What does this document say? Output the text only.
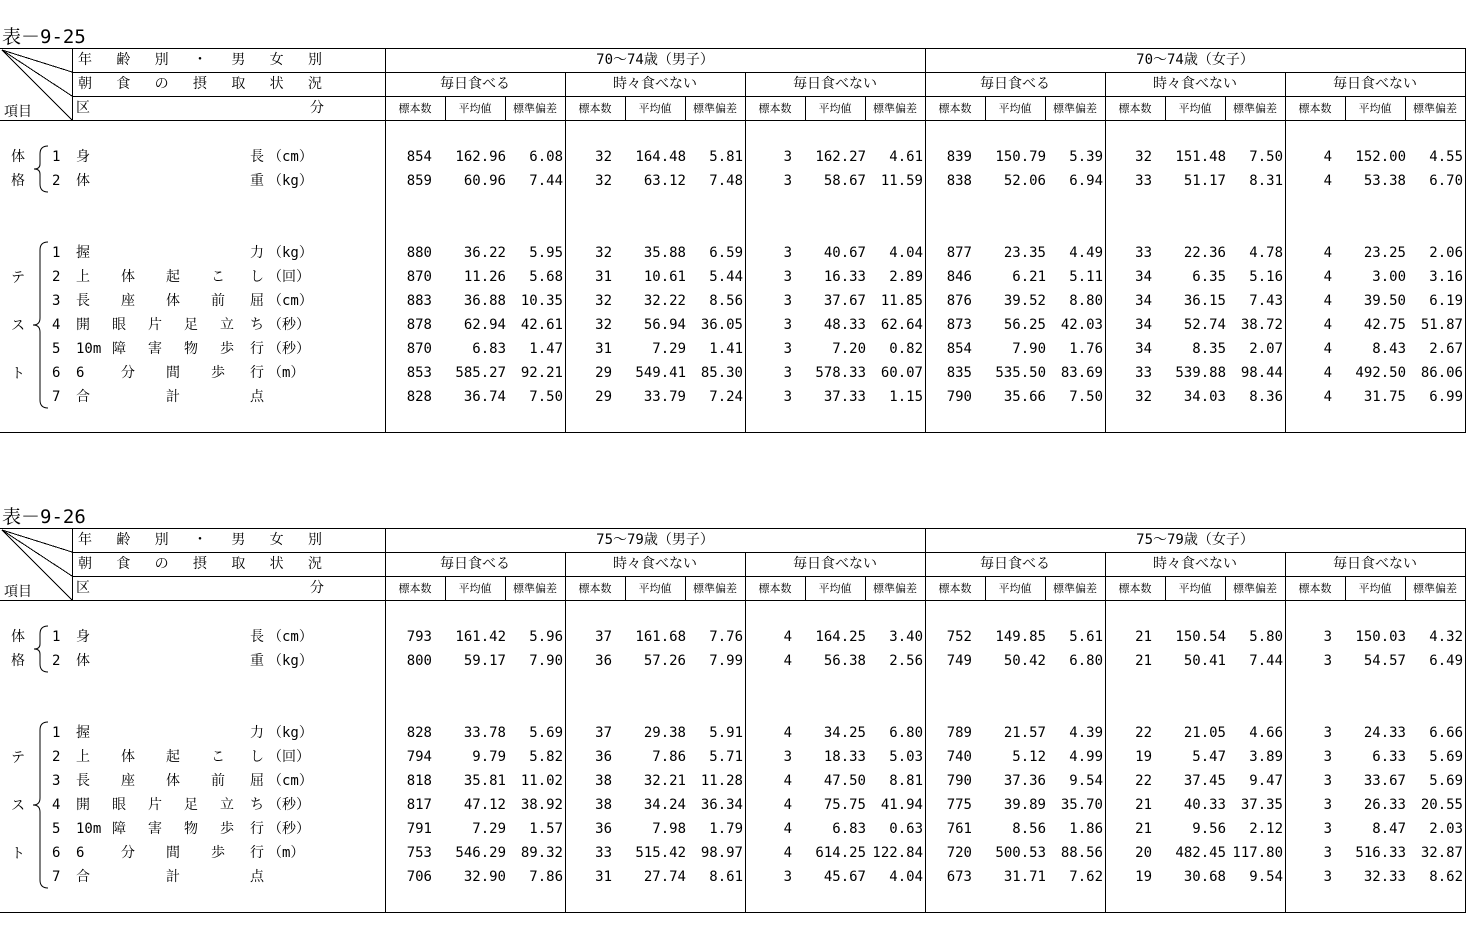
表－9-25
年 齢 別 ・ 男 女 別
朝 食 の 摂 取 状 況
区	分
項目
70～74歳（男子）	70～74歳（女子）
毎日食べる
標本数	平均値	標準偏差
時々食べない
標本数	平均値	標準偏差
毎日食べない
標本数	平均値	標準偏差
毎日食べる
標本数	平均値	標準偏差
時々食べない
標本数	平均値	標準偏差
毎日食べない
標本数	平均値	標準偏差
体
格
テ
ス
ト
1 身	長 （cm）	854	162.96	6.08	32	164.48	5.81	3	162.27	4.61	839	150.79	5.39	32	151.48	7.50	4	152.00	4.55
2 体	重 （kg）	859	60.96	7.44	32	63.12	7.48	3	58.67	11.59	838	52.06	6.94	33	51.17	8.31	4	53.38	6.70
1 握	力 （kg）	880	36.22	5.95	32	35.88	6.59	3	40.67	4.04	877	23.35	4.49	33	22.36	4.78	4	23.25	2.06
2 上 体 起 こ し （回）	870	11.26	5.68	31	10.61	5.44	3	16.33	2.89	846	6.21	5.11	34	6.35	5.16	4	3.00	3.16
3 長 座 体 前 屈 （cm）	883	36.88	10.35	32	32.22	8.56	3	37.67	11.85	876	39.52	8.80	34	36.15	7.43	4	39.50	6.19
4 開 眼 片 足 立 ち （秒）	878	62.94	42.61	32	56.94	36.05	3	48.33	62.64	873	56.25	42.03	34	52.74	38.72	4	42.75	51.87
5 10m 障 害 物 歩 行 （秒）	870	6.83	1.47	31	7.29	1.41	3	7.20	0.82	854	7.90	1.76	34	8.35	2.07	4	8.43	2.67
6 6	分 間 歩 行 （m）	853	585.27	92.21	29	549.41	85.30	3	578.33	60.07	835	535.50	83.69	33	539.88	98.44	4	492.50	86.06
7 合	計	点	828	36.74	7.50	29	33.79	7.24	3	37.33	1.15	790	35.66	7.50	32	34.03	8.36	4	31.75	6.99
表－9-26
年 齢 別 ・ 男 女 別
朝 食 の 摂 取 状 況
区	分
項目
75～79歳（男子）	75～79歳（女子）
毎日食べる
標本数	平均値	標準偏差
時々食べない
標本数	平均値	標準偏差
毎日食べない
標本数	平均値	標準偏差
毎日食べる
標本数	平均値	標準偏差
時々食べない
標本数	平均値	標準偏差
毎日食べない
標本数	平均値	標準偏差
体
格
テ
ス
ト
1 身	長 （cm）	793	161.42	5.96	37	161.68	7.76	4	164.25	3.40	752	149.85	5.61	21	150.54	5.80	3	150.03	4.32
2 体	重 （kg）	800	59.17	7.90	36	57.26	7.99	4	56.38	2.56	749	50.42	6.80	21	50.41	7.44	3	54.57	6.49
1 握	力 （kg）	828	33.78	5.69	37	29.38	5.91	4	34.25	6.80	789	21.57	4.39	22	21.05	4.66	3	24.33	6.66
2 上 体 起 こ し （回）	794	9.79	5.82	36	7.86	5.71	3	18.33	5.03	740	5.12	4.99	19	5.47	3.89	3	6.33	5.69
3 長 座 体 前 屈 （cm）	818	35.81	11.02	38	32.21	11.28	4	47.50	8.81	790	37.36	9.54	22	37.45	9.47	3	33.67	5.69
4 開 眼 片 足 立 ち （秒）	817	47.12	38.92	38	34.24	36.34	4	75.75	41.94	775	39.89	35.70	21	40.33	37.35	3	26.33	20.55
5 10m 障 害 物 歩 行 （秒）	791	7.29	1.57	36	7.98	1.79	4	6.83	0.63	761	8.56	1.86	21	9.56	2.12	3	8.47	2.03
6 6	分 間 歩 行 （m）	753	546.29	89.32	33	515.42	98.97	4	614.25 122.84	720	500.53	88.56	20	482.45 117.80	3	516.33	32.87
7 合	計	点	706	32.90	7.86	31	27.74	8.61	3	45.67	4.04	673	31.71	7.62	19	30.68	9.54	3	32.33	8.62
